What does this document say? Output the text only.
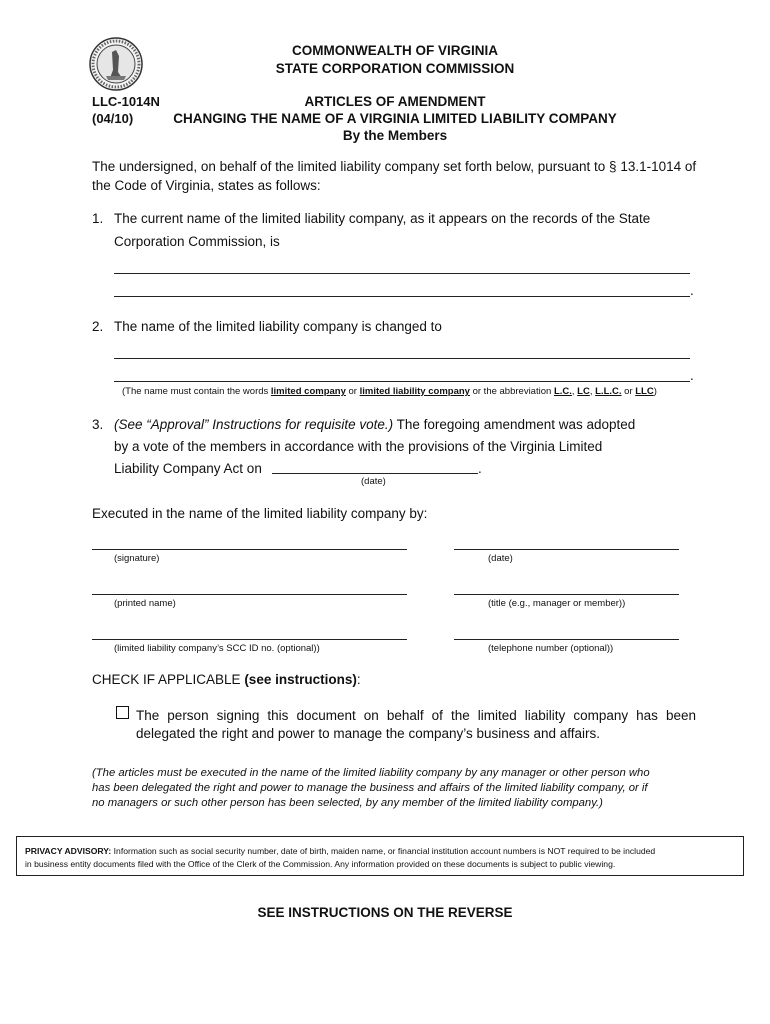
COMMONWEALTH OF VIRGINIA
STATE CORPORATION COMMISSION
LLC-1014N
(04/10)
ARTICLES OF AMENDMENT
CHANGING THE NAME OF A VIRGINIA LIMITED LIABILITY COMPANY
By the Members
The undersigned, on behalf of the limited liability company set forth below, pursuant to § 13.1-1014 of
the Code of Virginia, states as follows:
1. The current name of the limited liability company, as it appears on the records of the State
Corporation Commission, is
.
2. The name of the limited liability company is changed to
.
(The name must contain the words limited company or limited liability company or the abbreviation L.C., LC, L.L.C. or LLC)
3. (See “Approval” Instructions for requisite vote.) The foregoing amendment was adopted
by a vote of the members in accordance with the provisions of the Virginia Limited
Liability Company Act on	.
(date)
Executed in the name of the limited liability company by:
(signature)	(date)
(printed name)	(title (e.g., manager or member))
(limited liability company’s SCC ID no. (optional))	(telephone number (optional))
CHECK IF APPLICABLE (see instructions):
The person signing this document on behalf of the limited liability company has been
delegated the right and power to manage the company’s business and affairs.
(The articles must be executed in the name of the limited liability company by any manager or other person who
has been delegated the right and power to manage the business and affairs of the limited liability company, or if
no managers or such other person has been selected, by any member of the limited liability company.)
PRIVACY ADVISORY: Information such as social security number, date of birth, maiden name, or financial institution account numbers is NOT required to be included
in business entity documents filed with the Office of the Clerk of the Commission. Any information provided on these documents is subject to public viewing.
SEE INSTRUCTIONS ON THE REVERSE
